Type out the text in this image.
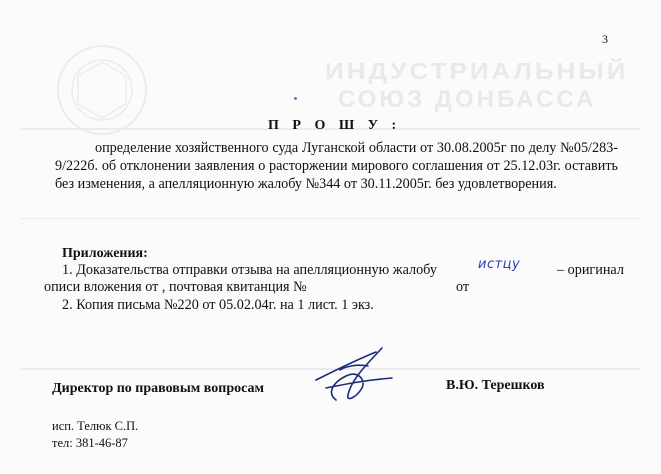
ИНДУСТРИАЛЬНЫЙ
СОЮЗ ДОНБАССА
3
П Р О Ш У :

определение хозяйственного суда Луганской области от 30.08.2005г по делу №05/283-9/222б. об отклонении заявления о расторжении мирового соглашения от 25.12.03г. оставить без изменения, а апелляционную жалобу №344 от 30.11.2005г. без удовлетворения.

Приложения:
1. Доказательства отправки отзыва на апелляционную жалобу	истцу	– оригинал
описи вложения от , почтовая квитанция №	от
2. Копия письма №220 от 05.02.04г. на 1 лист. 1 экз.
Директор по правовым вопросам	В.Ю. Терешков
исп. Телюк С.П.
тел: 381-46-87
